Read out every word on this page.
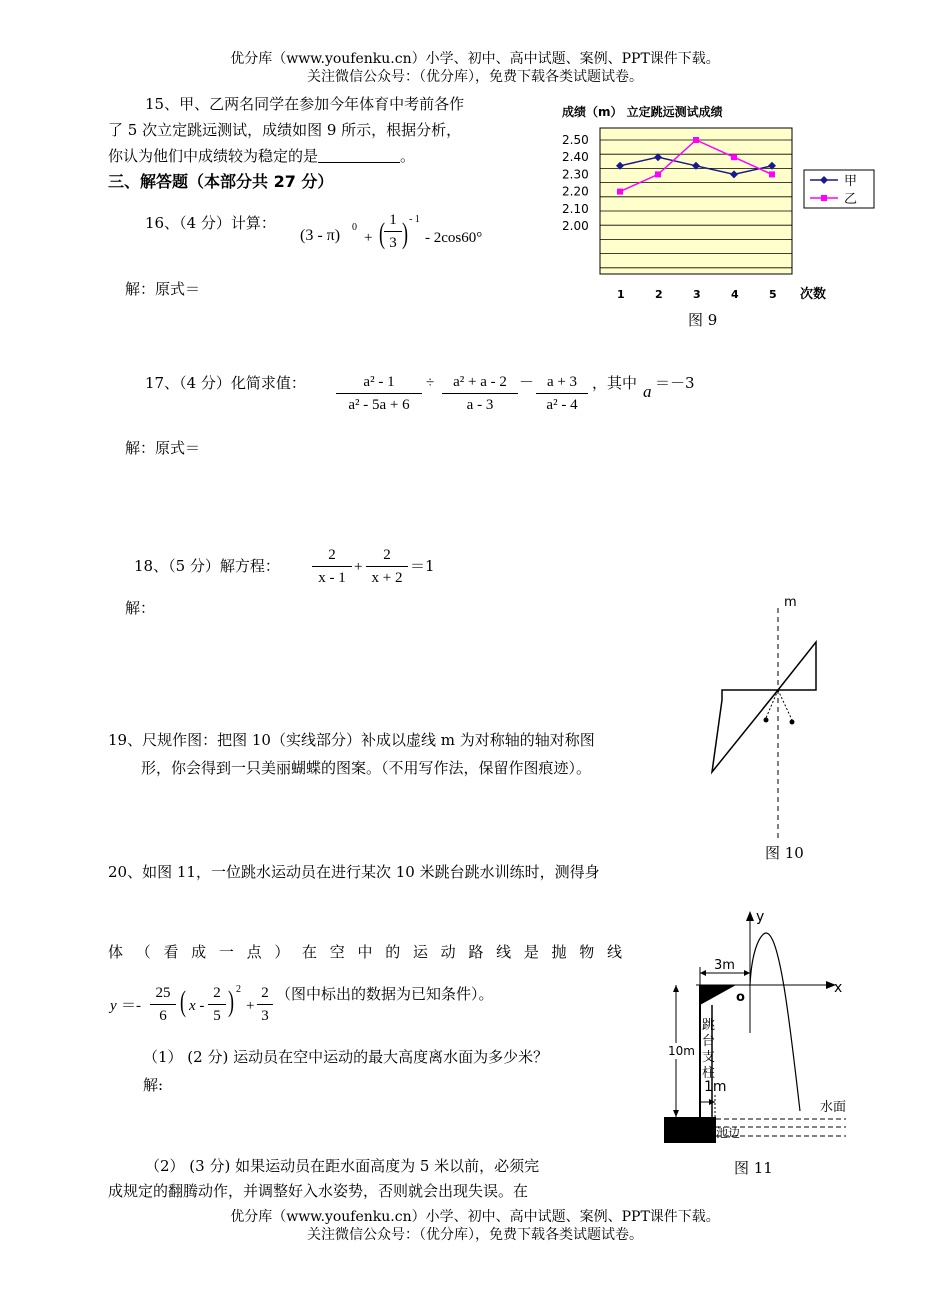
优分库（www.youfenku.cn）小学、初中、高中试题、案例、PPT课件下载。
关注微信公众号：（优分库），免费下载各类试题试卷。
15、甲、乙两名同学在参加今年体育中考前各作
了 5 次立定跳远测试，成绩如图 9 所示，根据分析，
你认为他们中成绩较为稳定的是	。
三、解答题（本部分共 27 分）
16、（4 分）计算：
(3 - π) 0
+ ( $\frac{1}{3}$ ) - 1
- 2cos60°
解：原式＝
17、（4 分）化简求值： $\frac{\text{a² - 1}}{\text{a² - 5a + 6}} \div \frac{\text{a² + a - 2}}{a - 3} - \frac{a + 3}{\text{a² - 4}}$ ，其中 a ＝－3
解：原式＝
18、（5 分）解方程： $\frac{2}{x - 1} + \frac{2}{x + 2} =1$
解：
19、尺规作图：把图 10（实线部分）补成以虚线 m 为对称轴的轴对称图
形，你会得到一只美丽蝴蝶的图案。（不用写作法，保留作图痕迹）。
20、如图 11，一位跳水运动员在进行某次 10 米跳台跳水训练时，测得身
体（看成一点）在空中的运动路线是抛物线
$y =- \frac{25}{6}$ ( x - $\frac{2}{5}$ ) 2
+ $\frac{2}{3}$ （图中标出的数据为已知条件）。
（1） (2 分) 运动员在空中运动的最大高度离水面为多少米？
解:
（2） (3 分) 如果运动员在距水面高度为 5 米以前，必须完
成规定的翻腾动作，并调整好入水姿势，否则就会出现失误。在
优分库（www.youfenku.cn）小学、初中、高中试题、案例、PPT课件下载。
关注微信公众号：（优分库），免费下载各类试题试卷。
成绩（m） 立定跳远测试成绩
2.50
2.40
2.30
2.20
2.10
2.00
1	2	3	4	5 次数
甲
乙
图 9
m
图 10
y
x
o
3m
10m
跳
台
支
柱
1m
水面
池边
图 11
